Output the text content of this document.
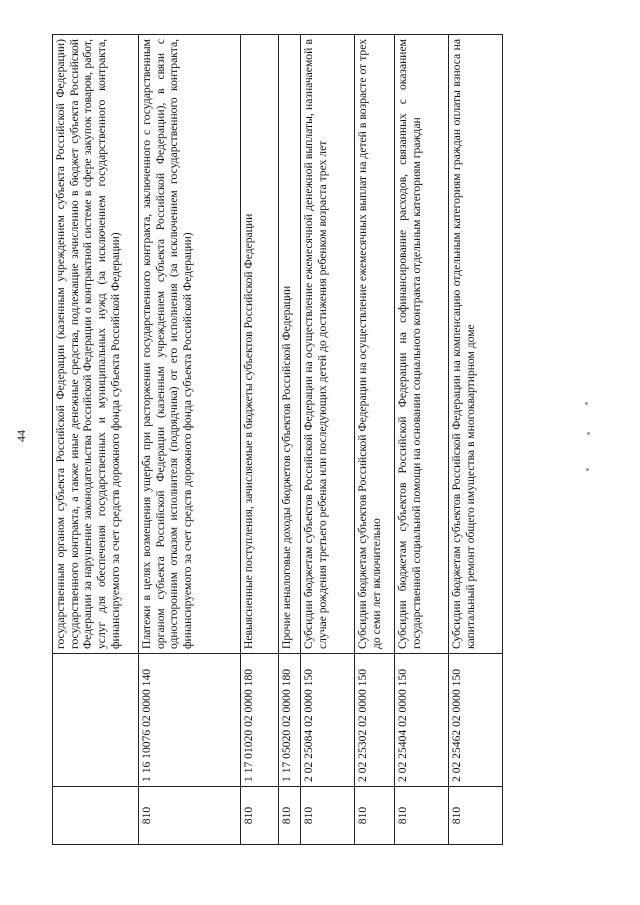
44

		государственным органом субъекта Российской Федерации (казенным учреждением субъекта Российской Федерации) государственного контракта, а также иные денежные средства, подлежащие зачислению в бюджет субъекта Российской Федерации за нарушение законодательства Российской Федерации о контрактной системе в сфере закупок товаров, работ, услуг для обеспечения государственных и муниципальных нужд (за исключением государственного контракта, финансируемого за счет средств дорожного фонда субъекта Российской Федерации)

810	1 16 10076 02 0000 140	Платежи в целях возмещения ущерба при расторжении государственного контракта, заключенного с государственным органом субъекта Российской Федерации (казенным учреждением субъекта Российской Федерации), в связи с односторонним отказом исполнителя (подрядчика) от его исполнения (за исключением государственного контракта, финансируемого за счет средств дорожного фонда субъекта Российской Федерации)

810	1 17 01020 02 0000 180	Невыясненные поступления, зачисляемые в бюджеты субъектов Российской Федерации

810	1 17 05020 02 0000 180	Прочие неналоговые доходы бюджетов субъектов Российской Федерации

810	2 02 25084 02 0000 150	Субсидии бюджетам субъектов Российской Федерации на осуществление ежемесячной денежной выплаты, назначаемой в случае рождения третьего ребенка или последующих детей до достижения ребенком возраста трех лет

810	2 02 25302 02 0000 150	Субсидии бюджетам субъектов Российской Федерации на осуществление ежемесячных выплат на детей в возрасте от трех до семи лет включительно

810	2 02 25404 02 0000 150	Субсидии бюджетам субъектов Российской Федерации на софинансирование расходов, связанных с оказанием государственной социальной помощи на основании социального контракта отдельным категориям граждан

810	2 02 25462 02 0000 150	Субсидии бюджетам субъектов Российской Федерации на компенсацию отдельным категориям граждан оплаты взноса на капитальный ремонт общего имущества в многоквартирном доме
